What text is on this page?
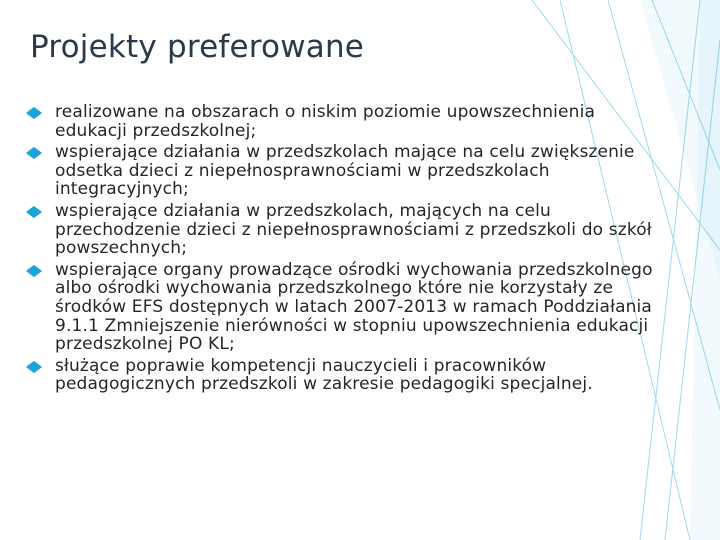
Projekty preferowane
realizowane na obszarach o niskim poziomie upowszechnienia edukacji przedszkolnej;
wspierające działania w przedszkolach mające na celu zwiększenie odsetka dzieci z niepełnosprawnościami w przedszkolach integracyjnych;
wspierające działania w przedszkolach, mających na celu przechodzenie dzieci z niepełnosprawnościami z przedszkoli do szkół powszechnych;
wspierające organy prowadzące ośrodki wychowania przedszkolnego albo ośrodki wychowania przedszkolnego które nie korzystały ze środków EFS dostępnych w latach 2007-2013 w ramach Poddziałania 9.1.1 Zmniejszenie nierówności w stopniu upowszechnienia edukacji przedszkolnej PO KL;
służące poprawie kompetencji nauczycieli i pracowników pedagogicznych przedszkoli w zakresie pedagogiki specjalnej.
